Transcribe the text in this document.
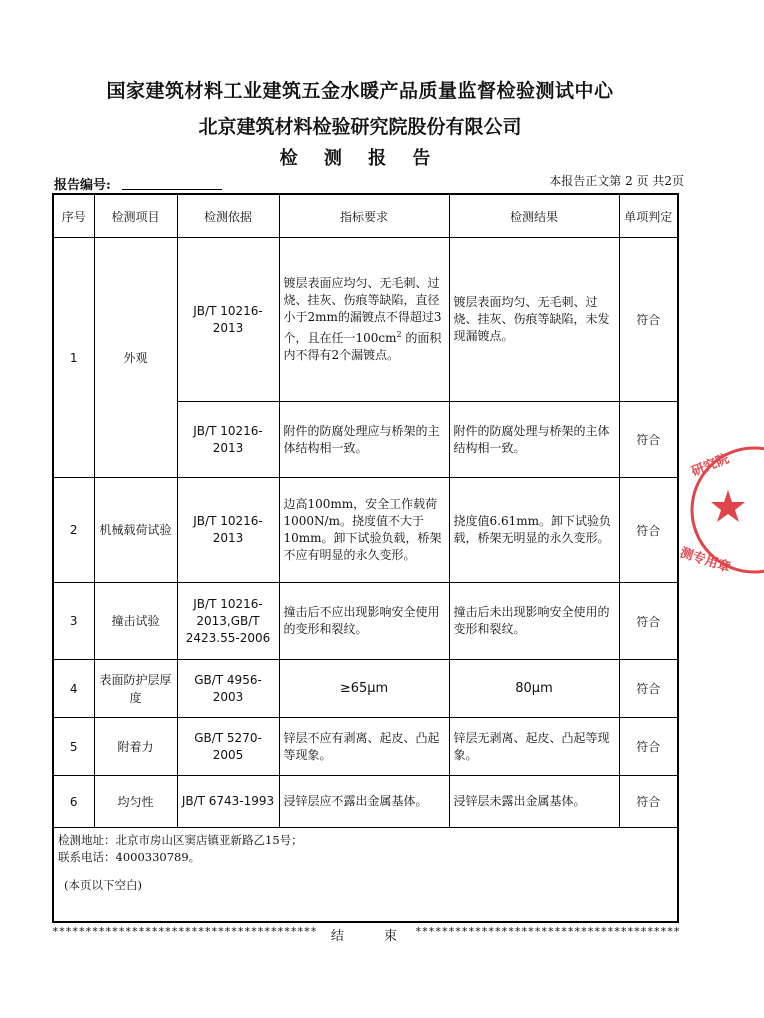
国家建筑材料工业建筑五金水暖产品质量监督检验测试中心
北京建筑材料检验研究院股份有限公司
检 测 报 告
报告编号:	本报告正文第 2 页 共2页
序号	检测项目	检测依据	指标要求	检测结果	单项判定
1	外观	JB/T 10216-2013	镀层表面应均匀、无毛刺、过烧、挂灰、伤痕等缺陷，直径小于2mm的漏镀点不得超过3个，且在任一$100cm^2$ 的面积内不得有2个漏镀点。	镀层表面均匀、无毛刺、过烧、挂灰、伤痕等缺陷，未发现漏镀点。	符合
		JB/T 10216-2013	附件的防腐处理应与桥架的主体结构相一致。	附件的防腐处理与桥架的主体结构相一致。	符合
2	机械载荷试验	JB/T 10216-2013	边高100mm，安全工作载荷1000N/m。挠度值不大于10mm。卸下试验负载，桥架不应有明显的永久变形。	挠度值6.61mm。卸下试验负载，桥架无明显的永久变形。	符合
3	撞击试验	JB/T 10216-2013,GB/T 2423.55-2006	撞击后不应出现影响安全使用的变形和裂纹。	撞击后未出现影响安全使用的变形和裂纹。	符合
4	表面防护层厚度	GB/T 4956-2003	≥65μm	80μm	符合
5	附着力	GB/T 5270-2005	锌层不应有剥离、起皮、凸起等现象。	锌层无剥离、起皮、凸起等现象。	符合
6	均匀性	JB/T 6743-1993	浸锌层应不露出金属基体。	浸锌层未露出金属基体。	符合
检测地址：北京市房山区窦店镇亚新路乙15号；
联系电话：4000330789。
(本页以下空白)
****************************************	结 束 ****************************************
研究院
测专用章
